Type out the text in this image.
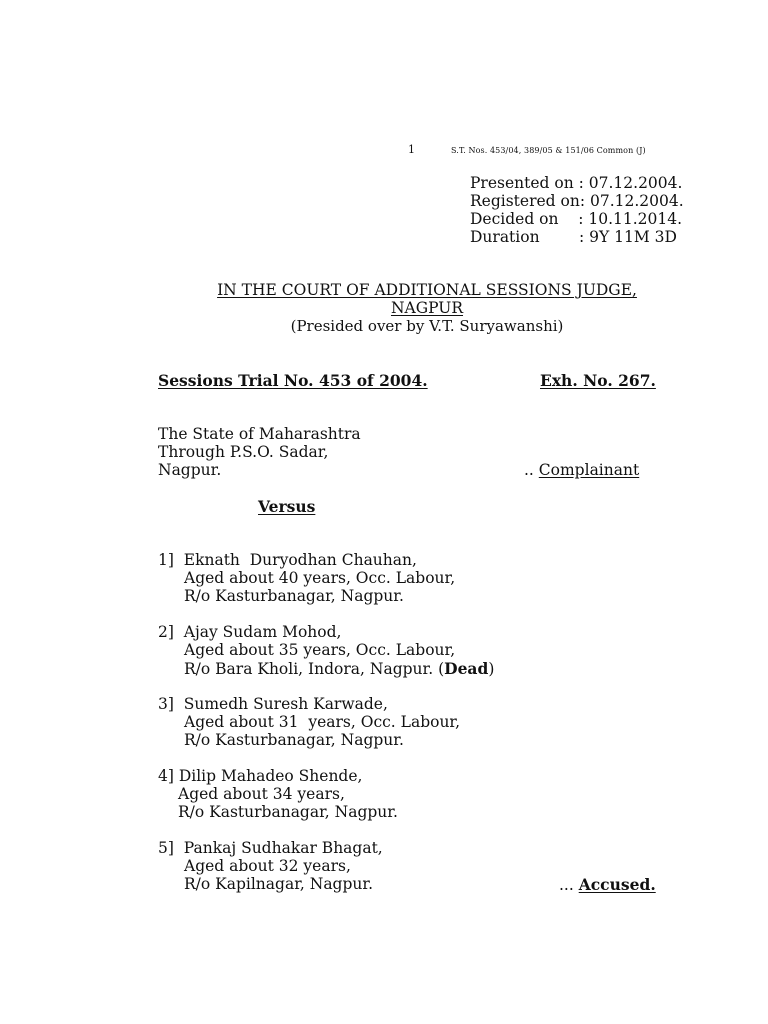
1	S.T. Nos. 453/04, 389/05 & 151/06 Common (J)
Presented on : 07.12.2004.
Registered on: 07.12.2004.
Decided on    : 10.11.2014.
Duration        : 9Y 11M 3D
IN THE COURT OF ADDITIONAL SESSIONS JUDGE,
NAGPUR
(Presided over by V.T. Suryawanshi)
Sessions Trial No. 453 of 2004.	Exh. No. 267.
The State of Maharashtra
Through P.S.O. Sadar,
Nagpur.	.. Complainant
Versus
1]  Eknath  Duryodhan Chauhan,
Aged about 40 years, Occ. Labour,
R/o Kasturbanagar, Nagpur.
2]  Ajay Sudam Mohod,
Aged about 35 years, Occ. Labour,
R/o Bara Kholi, Indora, Nagpur. (Dead)
3]  Sumedh Suresh Karwade,
Aged about 31  years, Occ. Labour,
R/o Kasturbanagar, Nagpur.
4] Dilip Mahadeo Shende,
Aged about 34 years,
R/o Kasturbanagar, Nagpur.
5]  Pankaj Sudhakar Bhagat,
Aged about 32 years,
R/o Kapilnagar, Nagpur.	... Accused.
